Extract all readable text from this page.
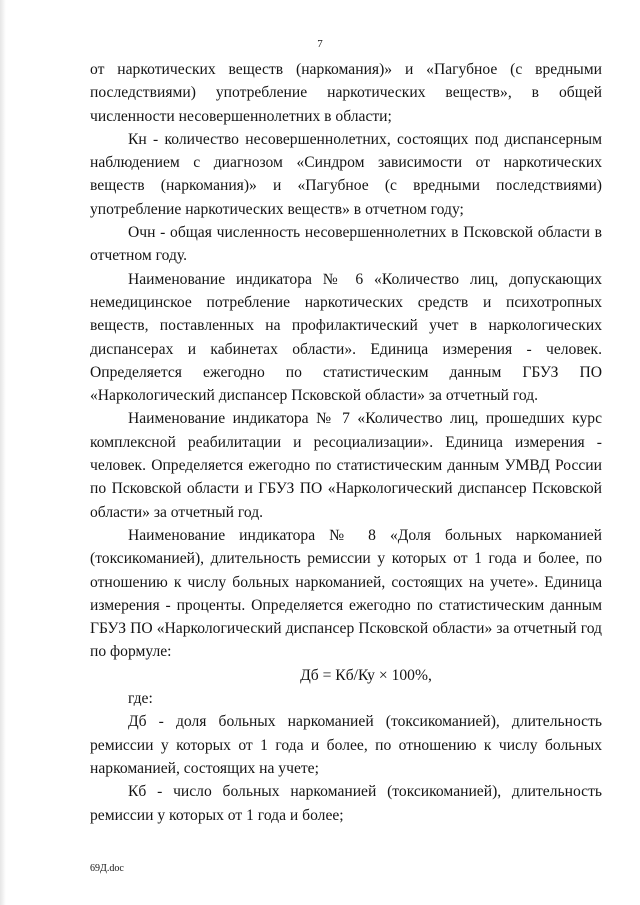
7

от наркотических веществ (наркомания)» и «Пагубное (с вредными последствиями) употребление наркотических веществ», в общей численности несовершеннолетних в области;

Кн - количество несовершеннолетних, состоящих под диспансерным наблюдением с диагнозом «Синдром зависимости от наркотических веществ (наркомания)» и «Пагубное (с вредными последствиями) употребление наркотических веществ» в отчетном году;

Очн - общая численность несовершеннолетних в Псковской области в отчетном году.

Наименование индикатора № 6 «Количество лиц, допускающих немедицинское потребление наркотических средств и психотропных веществ, поставленных на профилактический учет в наркологических диспансерах и кабинетах области». Единица измерения - человек. Определяется ежегодно по статистическим данным ГБУЗ ПО «Наркологический диспансер Псковской области» за отчетный год.

Наименование индикатора № 7 «Количество лиц, прошедших курс комплексной реабилитации и ресоциализации». Единица измерения - человек. Определяется ежегодно по статистическим данным УМВД России по Псковской области и ГБУЗ ПО «Наркологический диспансер Псковской области» за отчетный год.

Наименование индикатора № 8 «Доля больных наркоманией (токсикоманией), длительность ремиссии у которых от 1 года и более, по отношению к числу больных наркоманией, состоящих на учете». Единица измерения - проценты. Определяется ежегодно по статистическим данным ГБУЗ ПО «Наркологический диспансер Псковской области» за отчетный год по формуле:

Дб = Кб/Ку × 100%,

где:

Дб - доля больных наркоманией (токсикоманией), длительность ремиссии у которых от 1 года и более, по отношению к числу больных наркоманией, состоящих на учете;

Кб - число больных наркоманией (токсикоманией), длительность ремиссии у которых от 1 года и более;

69Д.doc
